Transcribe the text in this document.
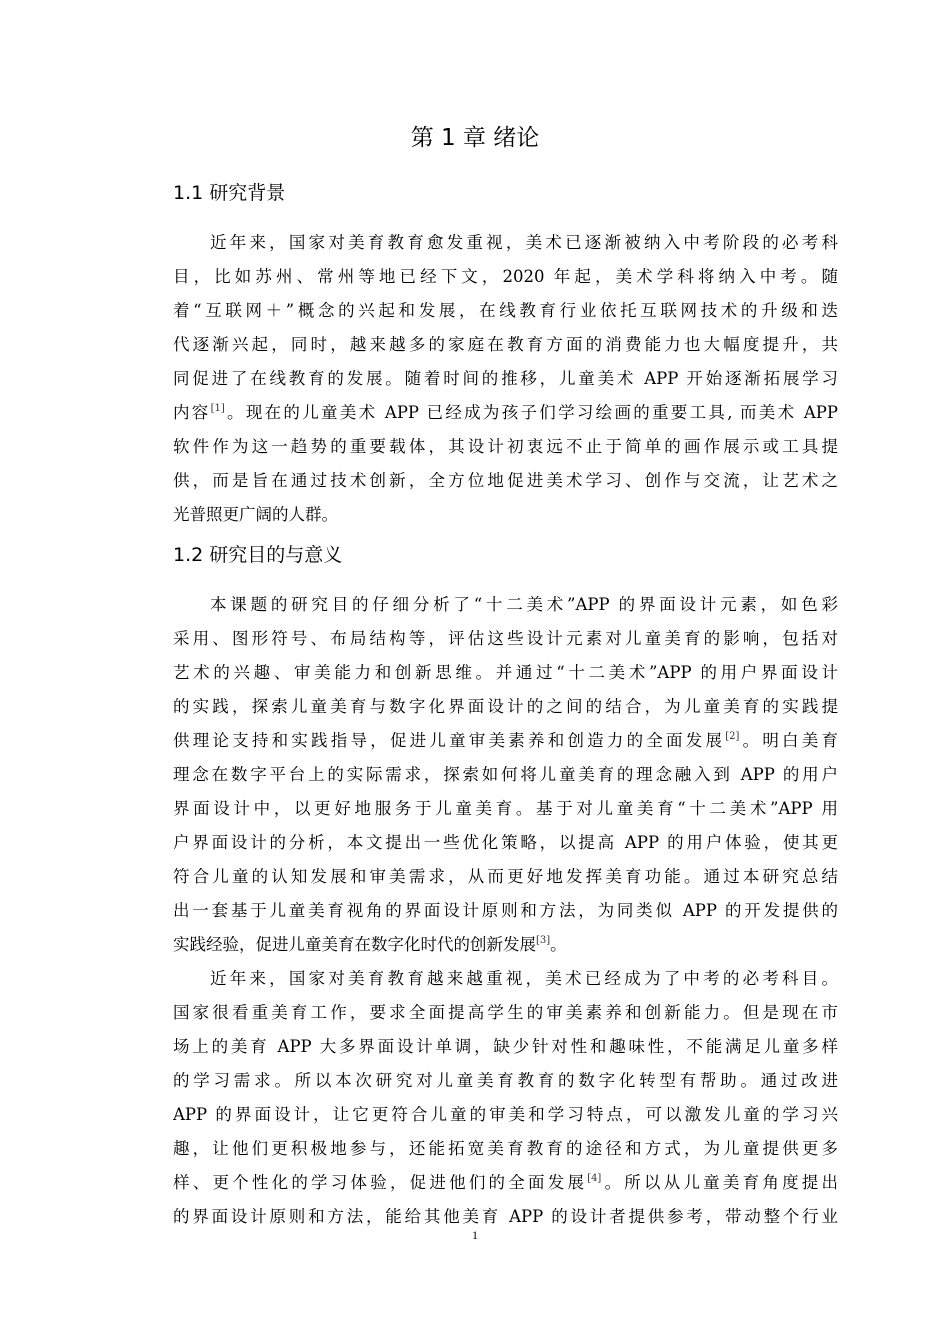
第 1 章 绪论
1.1 研究背景

近年来，国家对美育教育愈发重视，美术已逐渐被纳入中考阶段的必考科

目，比如苏州、常州等地已经下文，2020 年起，美术学科将纳入中考。随

着“互联网＋”概念的兴起和发展，在线教育行业依托互联网技术的升级和迭

代逐渐兴起，同时，越来越多的家庭在教育方面的消费能力也大幅度提升，共

同促进了在线教育的发展。随着时间的推移，儿童美术 APP 开始逐渐拓展学习

内容[1]。现在的儿童美术 APP 已经成为孩子们学习绘画的重要工具, 而美术 APP

软件作为这一趋势的重要载体，其设计初衷远不止于简单的画作展示或工具提

供，而是旨在通过技术创新，全方位地促进美术学习、创作与交流，让艺术之

光普照更广阔的人群。

1.2 研究目的与意义

本课题的研究目的仔细分析了“十二美术”APP 的界面设计元素，如色彩

采用、图形符号、布局结构等，评估这些设计元素对儿童美育的影响，包括对

艺术的兴趣、审美能力和创新思维。并通过“十二美术”APP 的用户界面设计

的实践，探索儿童美育与数字化界面设计的之间的结合，为儿童美育的实践提

供理论支持和实践指导，促进儿童审美素养和创造力的全面发展[2]。明白美育

理念在数字平台上的实际需求，探索如何将儿童美育的理念融入到 APP 的用户

界面设计中，以更好地服务于儿童美育。基于对儿童美育“十二美术”APP 用

户界面设计的分析，本文提出一些优化策略，以提高 APP 的用户体验，使其更

符合儿童的认知发展和审美需求，从而更好地发挥美育功能。通过本研究总结

出一套基于儿童美育视角的界面设计原则和方法，为同类似 APP 的开发提供的

实践经验，促进儿童美育在数字化时代的创新发展[3]。

近年来，国家对美育教育越来越重视，美术已经成为了中考的必考科目。

国家很看重美育工作，要求全面提高学生的审美素养和创新能力。但是现在市

场上的美育 APP 大多界面设计单调，缺少针对性和趣味性，不能满足儿童多样

的学习需求。所以本次研究对儿童美育教育的数字化转型有帮助。通过改进

APP 的界面设计，让它更符合儿童的审美和学习特点，可以激发儿童的学习兴

趣，让他们更积极地参与，还能拓宽美育教育的途径和方式，为儿童提供更多

样、更个性化的学习体验，促进他们的全面发展[4]。所以从儿童美育角度提出

的界面设计原则和方法，能给其他美育 APP 的设计者提供参考，带动整个行业

1
